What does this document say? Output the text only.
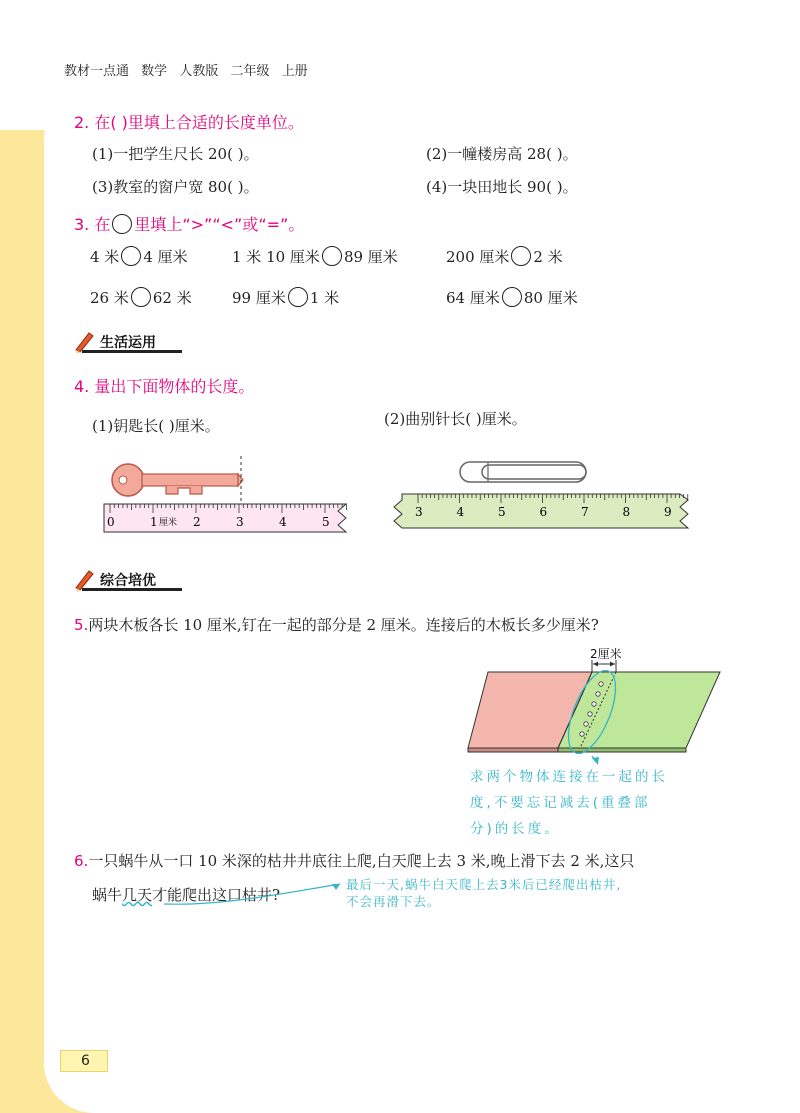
教材一点通 数学 人教版 二年级 上册
2. 在( )里填上合适的长度单位。
(1)一把学生尺长 20( )。	(2)一幢楼房高 28( )。
(3)教室的窗户宽 80( )。	(4)一块田地长 90( )。
3. 在 里填上“>”“<”或“=”。
4 米 4 厘米	1 米 10 厘米 89 厘米	200 厘米 2 米
26 米 62 米	99 厘米 1 米	64 厘米 80 厘米
生活运用
4. 量出下面物体的长度。
(1)钥匙长( )厘米。	(2)曲别针长( )厘米。
0	1 厘米 2	3	4	5
3	4	5	6	7	8	9
综合培优
5.两块木板各长 10 厘米,钉在一起的部分是 2 厘米。连接后的木板长多少厘米?
2厘米
求两个物体连接在一起的长
度,不要忘记减去(重叠部
分)的长度。
6.一只蜗牛从一口 10 米深的枯井井底往上爬,白天爬上去 3 米,晚上滑下去 2 米,这只
蜗牛几天才能爬出这口枯井?
最后一天,蜗牛白天爬上去3米后已经爬出枯井,
不会再滑下去。
6
